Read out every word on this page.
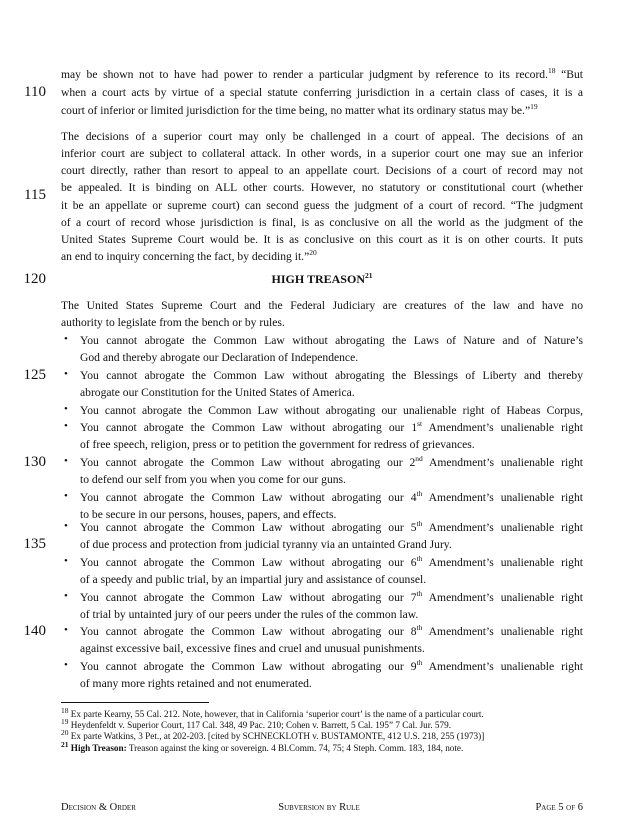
110
115
120
125
130
135
140
may be shown not to have had power to render a particular judgment by reference to its record.$^{18}$ “But
when a court acts by virtue of a special statute conferring jurisdiction in a certain class of cases, it is a
court of inferior or limited jurisdiction for the time being, no matter what its ordinary status may be.”$^{19}$
The decisions of a superior court may only be challenged in a court of appeal. The decisions of an
inferior court are subject to collateral attack. In other words, in a superior court one may sue an inferior
court directly, rather than resort to appeal to an appellate court. Decisions of a court of record may not
be appealed. It is binding on ALL other courts. However, no statutory or constitutional court (whether
it be an appellate or supreme court) can second guess the judgment of a court of record. “The judgment
of a court of record whose jurisdiction is final, is as conclusive on all the world as the judgment of the
United States Supreme Court would be. It is as conclusive on this court as it is on other courts. It puts
an end to inquiry concerning the fact, by deciding it.”$^{20}$
HIGH TREASON$^{21}$
The United States Supreme Court and the Federal Judiciary are creatures of the law and have no
authority to legislate from the bench or by rules.
• You cannot abrogate the Common Law without abrogating the Laws of Nature and of Nature’s
God and thereby abrogate our Declaration of Independence.
• You cannot abrogate the Common Law without abrogating the Blessings of Liberty and thereby
abrogate our Constitution for the United States of America.
• You cannot abrogate the Common Law without abrogating our unalienable right of Habeas Corpus,
• You cannot abrogate the Common Law without abrogating our 1st Amendment’s unalienable right
of free speech, religion, press or to petition the government for redress of grievances.
• You cannot abrogate the Common Law without abrogating our 2nd Amendment’s unalienable right
to defend our self from you when you come for our guns.
• You cannot abrogate the Common Law without abrogating our 4th Amendment’s unalienable right
to be secure in our persons, houses, papers, and effects.
• You cannot abrogate the Common Law without abrogating our 5th Amendment’s unalienable right
of due process and protection from judicial tyranny via an untainted Grand Jury.
• You cannot abrogate the Common Law without abrogating our 6th Amendment’s unalienable right
of a speedy and public trial, by an impartial jury and assistance of counsel.
• You cannot abrogate the Common Law without abrogating our 7th Amendment’s unalienable right
of trial by untainted jury of our peers under the rules of the common law.
• You cannot abrogate the Common Law without abrogating our 8th Amendment’s unalienable right
against excessive bail, excessive fines and cruel and unusual punishments.
• You cannot abrogate the Common Law without abrogating our 9th Amendment’s unalienable right
of many more rights retained and not enumerated.
$^{18}$ Ex parte Kearny, 55 Cal. 212. Note, however, that in California ‘superior court’ is the name of a particular court.
$^{19}$ Heydenfeldt v. Superior Court, 117 Cal. 348, 49 Pac. 210; Cohen v. Barrett, 5 Cal. 195” 7 Cal. Jur. 579.
$^{20}$ Ex parte Watkins, 3 Pet., at 202-203. [cited by SCHNECKLOTH v. BUSTAMONTE, 412 U.S. 218, 255 (1973)]
$^{21}$ High Treason: Treason against the king or sovereign. 4 Bl.Comm. 74, 75; 4 Steph. Comm. 183, 184, note.
Decision & Order	Subversion by Rule	Page 5 of 6
